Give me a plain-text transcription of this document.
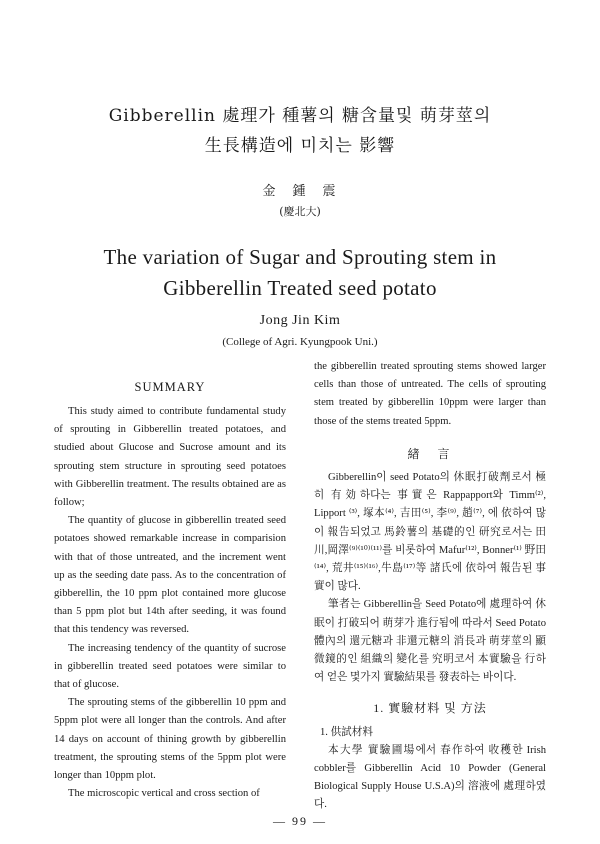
Gibberellin 處理가 種薯의 糖含量및 萌芽莖의
生長構造에 미치는 影響
金　鍾　震
(慶北大)
The variation of Sugar and Sprouting stem in
Gibberellin Treated seed potato
Jong Jin Kim
(College of Agri. Kyungpook Uni.)
SUMMARY

This study aimed to contribute fundamental study of sprouting in Gibberellin treated potatoes, and studied about Glucose and Sucrose amount and its sprouting stem structure in sprouting seed potatoes with Gibberellin treatment. The results obtained are as follow;

The quantity of glucose in gibberellin treated seed potatoes showed remarkable increase in comparision with that of those untreated, and the increment went up as the seeding date pass. As to the concentration of gibberellin, the 10 ppm plot contained more glucose than 5 ppm plot but 14th after seeding, it was found that this tendency was reversed.

The increasing tendency of the quantity of sucrose in gibberellin treated seed potatoes were similar to that of glucose.

The sprouting stems of the gibberellin 10 ppm and 5ppm plot were all longer than the controls. And after 14 days on account of thining growth by gibberellin treatment, the sprouting stems of the 5ppm plot were longer than 10ppm plot.

The microscopic vertical and cross section of

the gibberellin treated sprouting stems showed larger cells than those of untreated. The cells of sprouting stem treated by gibberellin 10ppm were larger than those of the stems treated 5ppm.

緖　言

Gibberellin이 seed Potato의 休眠打破劑로서 極히 有効하다는 事實은 Rappapport와 Timm⁽²⁾, Lipport ⁽³⁾, 塚本⁽⁴⁾, 吉田⁽⁵⁾, 李⁽⁹⁾, 趙⁽⁷⁾, 에 依하여 많이 報告되었고 馬鈴薯의 基礎的인 研究로서는 田川,岡澤⁽⁹⁾⁽¹⁰⁾⁽¹¹⁾를 비롯하여 Mafur⁽¹²⁾, Bonner⁽¹⁾ 野田⁽¹⁴⁾, 荒井⁽¹⁵⁾⁽¹⁶⁾,牛島⁽¹⁷⁾等 諸氏에 依하여 報告된 事實이 많다.

筆者는 Gibberellin을 Seed Potato에 處理하여 休眠이 打破되어 萌芽가 進行됨에 따라서 Seed Potato體內의 還元糖과 非還元糖의 消長과 萌芽莖의 顯微鏡的인 組織의 變化를 究明코서 本實驗을 行하여 얻은 몇가지 實驗結果를 發表하는 바이다.

1. 實驗材料 및 方法

1. 供試材料

本大學 實驗圃場에서 春作하여 收穫한 Irish cobbler를 Gibberellin Acid 10 Powder (General Biological Supply House U.S.A)의 溶液에 處理하였다.

— 99 —
